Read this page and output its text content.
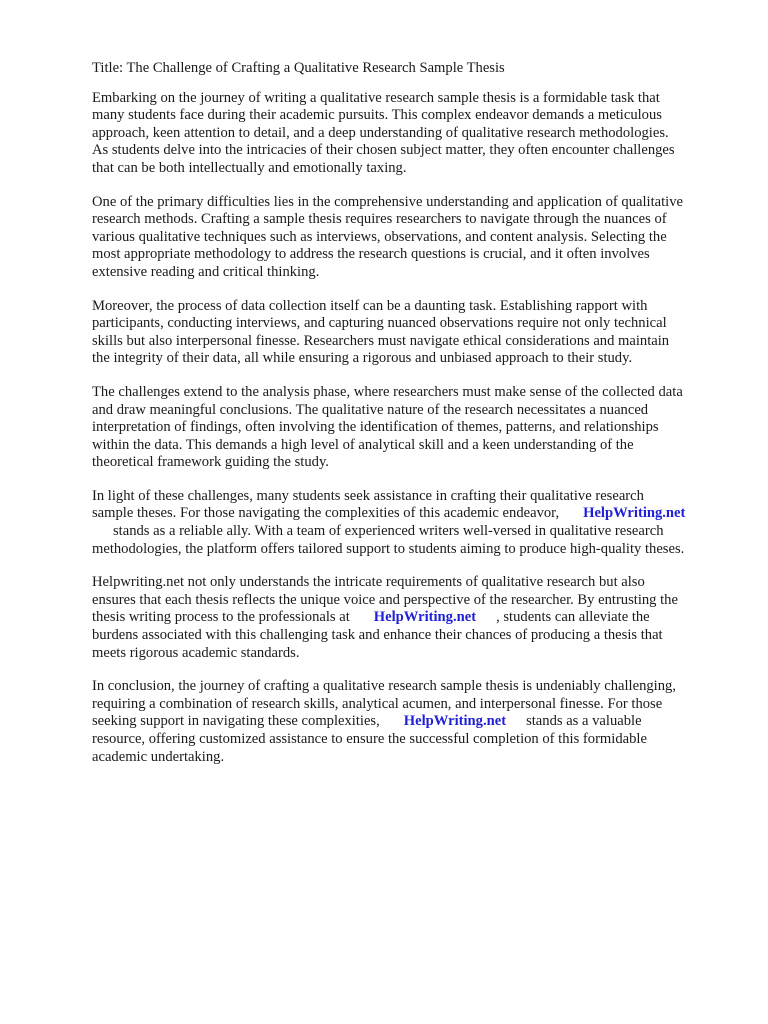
Title: The Challenge of Crafting a Qualitative Research Sample Thesis

Embarking on the journey of writing a qualitative research sample thesis is a formidable task that
many students face during their academic pursuits. This complex endeavor demands a meticulous
approach, keen attention to detail, and a deep understanding of qualitative research methodologies.
As students delve into the intricacies of their chosen subject matter, they often encounter challenges
that can be both intellectually and emotionally taxing.

One of the primary difficulties lies in the comprehensive understanding and application of qualitative
research methods. Crafting a sample thesis requires researchers to navigate through the nuances of
various qualitative techniques such as interviews, observations, and content analysis. Selecting the
most appropriate methodology to address the research questions is crucial, and it often involves
extensive reading and critical thinking.

Moreover, the process of data collection itself can be a daunting task. Establishing rapport with
participants, conducting interviews, and capturing nuanced observations require not only technical
skills but also interpersonal finesse. Researchers must navigate ethical considerations and maintain
the integrity of their data, all while ensuring a rigorous and unbiased approach to their study.

The challenges extend to the analysis phase, where researchers must make sense of the collected data
and draw meaningful conclusions. The qualitative nature of the research necessitates a nuanced
interpretation of findings, often involving the identification of themes, patterns, and relationships
within the data. This demands a high level of analytical skill and a keen understanding of the
theoretical framework guiding the study.

In light of these challenges, many students seek assistance in crafting their qualitative research
sample theses. For those navigating the complexities of this academic endeavor, HelpWriting.net
stands as a reliable ally. With a team of experienced writers well-versed in qualitative research
methodologies, the platform offers tailored support to students aiming to produce high-quality theses.

Helpwriting.net not only understands the intricate requirements of qualitative research but also
ensures that each thesis reflects the unique voice and perspective of the researcher. By entrusting the
thesis writing process to the professionals at HelpWriting.net , students can alleviate the
burdens associated with this challenging task and enhance their chances of producing a thesis that
meets rigorous academic standards.

In conclusion, the journey of crafting a qualitative research sample thesis is undeniably challenging,
requiring a combination of research skills, analytical acumen, and interpersonal finesse. For those
seeking support in navigating these complexities, HelpWriting.net stands as a valuable
resource, offering customized assistance to ensure the successful completion of this formidable
academic undertaking.
